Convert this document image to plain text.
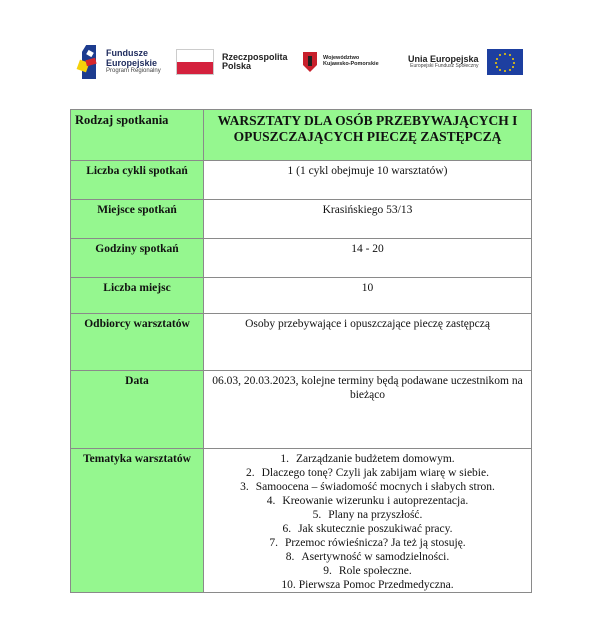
Fundusze
Europejskie
Program Regionalny
Rzeczpospolita
Polska
Województwo
Kujawsko-Pomorskie
Unia Europejska
Europejski Fundusz Społeczny
Rodzaj spotkania	WARSZTATY DLA OSÓB PRZEBYWAJĄCYCH I OPUSZCZAJĄCYCH PIECZĘ ZASTĘPCZĄ
Liczba cykli spotkań	1 (1 cykl obejmuje 10 warsztatów)
Miejsce spotkań	Krasińskiego 53/13
Godziny spotkań	14 - 20
Liczba miejsc	10
Odbiorcy warsztatów	Osoby przebywające i opuszczające pieczę zastępczą
Data	06.03, 20.03.2023, kolejne terminy będą podawane uczestnikom na bieżąco
Tematyka warsztatów	1. Zarządzanie budżetem domowym.
2. Dlaczego tonę? Czyli jak zabijam wiarę w siebie.
3. Samoocena – świadomość mocnych i słabych stron.
4. Kreowanie wizerunku i autoprezentacja.
5. Plany na przyszłość.
6. Jak skutecznie poszukiwać pracy.
7. Przemoc rówieśnicza? Ja też ją stosuję.
8. Asertywność w samodzielności.
9. Role społeczne.
10. Pierwsza Pomoc Przedmedyczna.
